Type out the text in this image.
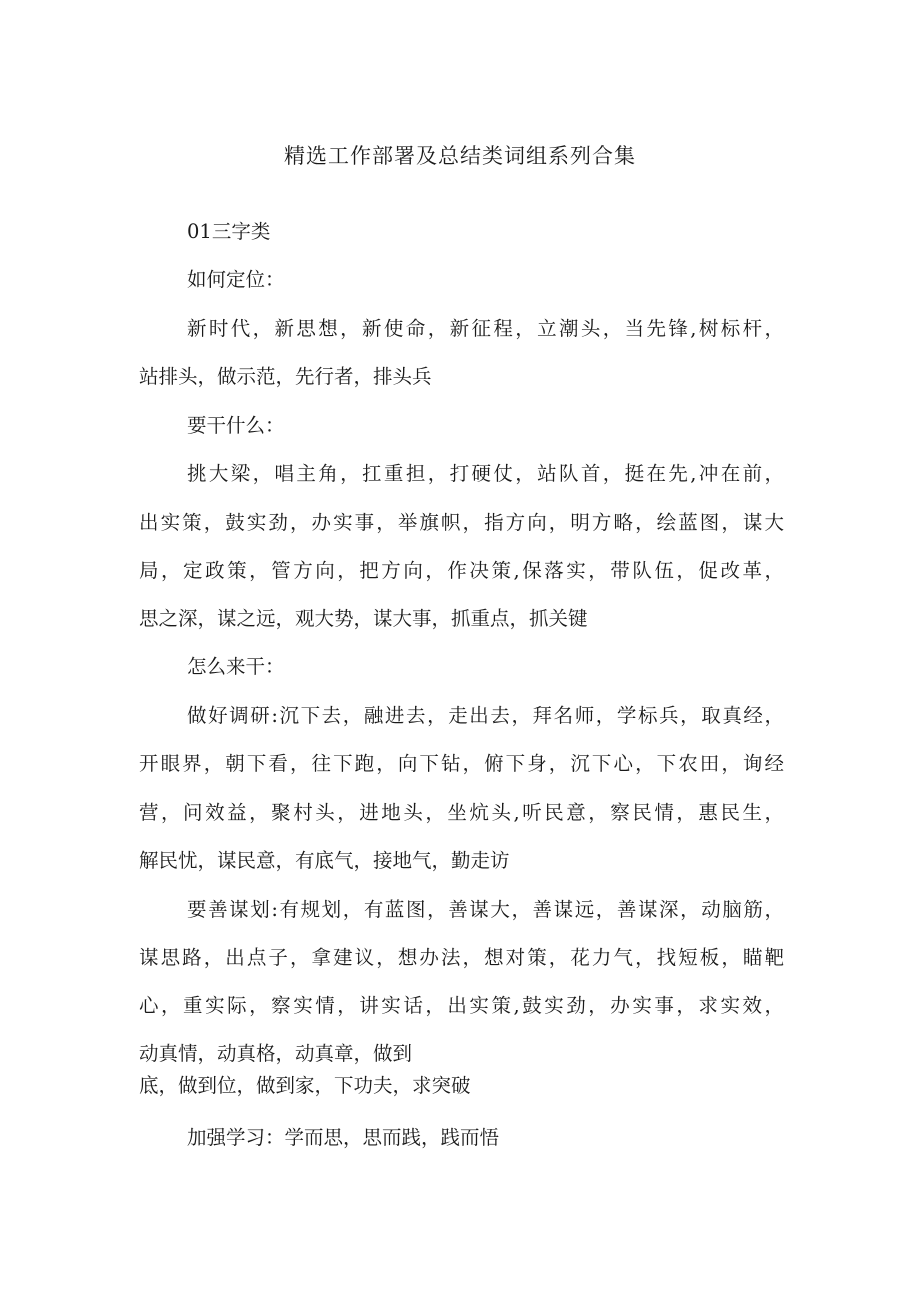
精选工作部署及总结类词组系列合集
01三字类
如何定位：
新时代，新思想，新使命，新征程，立潮头，当先锋,树标杆，
站排头，做示范，先行者，排头兵
要干什么：
挑大梁，唱主角，扛重担，打硬仗，站队首，挺在先,冲在前，
出实策，鼓实劲，办实事，举旗帜，指方向，明方略，绘蓝图，谋大
局，定政策，管方向，把方向，作决策,保落实，带队伍，促改革，
思之深，谋之远，观大势，谋大事，抓重点，抓关键
怎么来干：
做好调研:沉下去，融进去，走出去，拜名师，学标兵，取真经，
开眼界，朝下看，往下跑，向下钻，俯下身，沉下心，下农田，询经
营，问效益，聚村头，进地头，坐炕头,听民意，察民情，惠民生，
解民忧，谋民意，有底气，接地气，勤走访
要善谋划:有规划，有蓝图，善谋大，善谋远，善谋深，动脑筋，
谋思路，出点子，拿建议，想办法，想对策，花力气，找短板，瞄靶
心，重实际，察实情，讲实话，出实策,鼓实劲，办实事，求实效，
动真情，动真格，动真章，做到
底，做到位，做到家，下功夫，求突破
加强学习：学而思，思而践，践而悟
